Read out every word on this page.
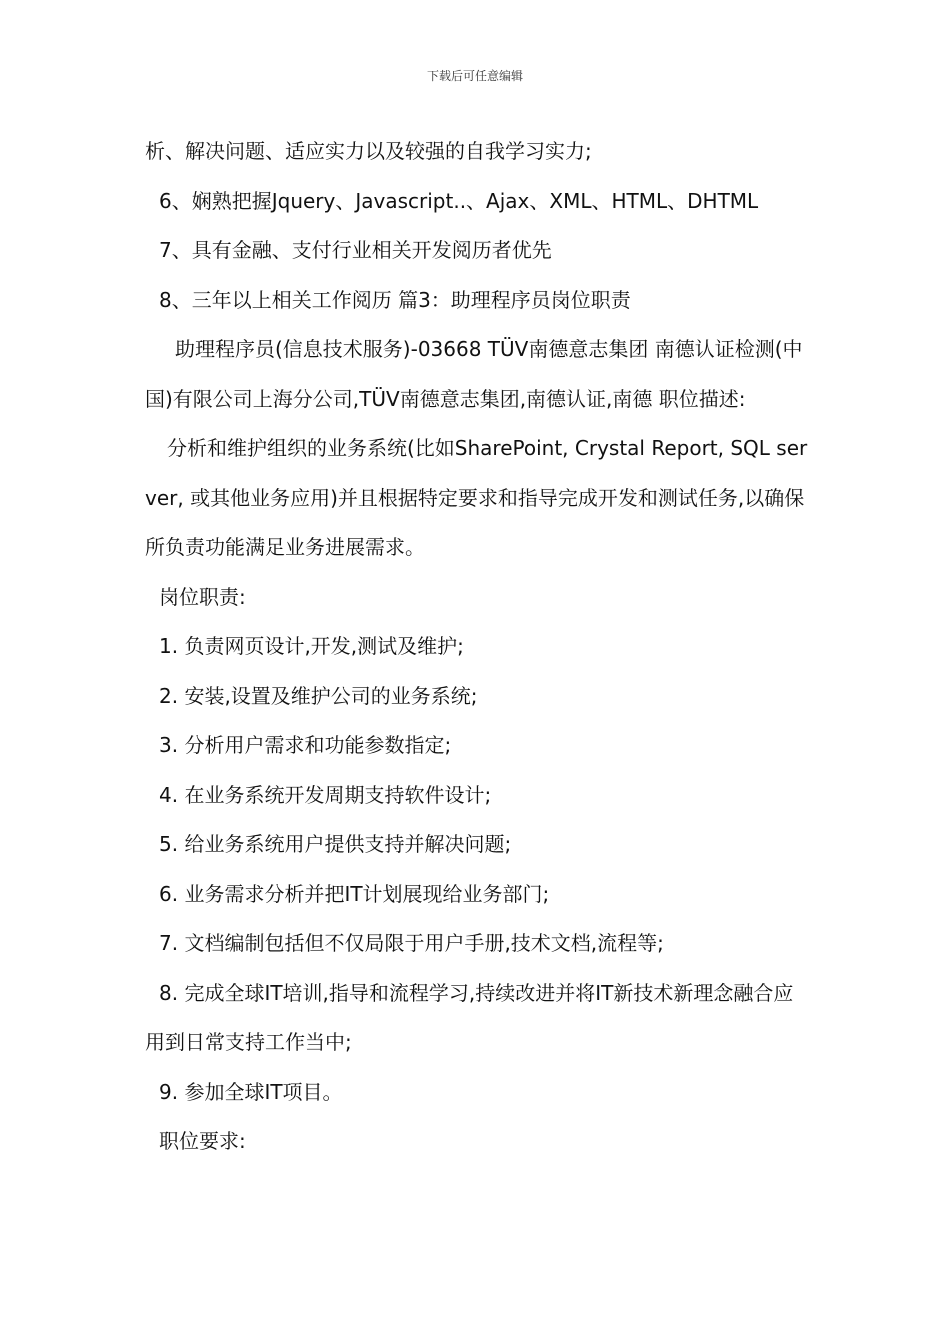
下载后可任意编辑

析、解决问题、适应实力以及较强的自我学习实力;

6、娴熟把握Jquery、Javascript..、Ajax、XML、HTML、DHTML

7、具有金融、支付行业相关开发阅历者优先

8、三年以上相关工作阅历 篇3：助理程序员岗位职责

助理程序员(信息技术服务)-03668 TÜV南德意志集团 南德认证检测(中国)有限公司上海分公司,TÜV南德意志集团,南德认证,南德 职位描述:

分析和维护组织的业务系统(比如SharePoint, Crystal Report, SQL server, 或其他业务应用)并且根据特定要求和指导完成开发和测试任务,以确保所负责功能满足业务进展需求。

岗位职责:

1. 负责网页设计,开发,测试及维护;

2. 安装,设置及维护公司的业务系统;

3. 分析用户需求和功能参数指定;

4. 在业务系统开发周期支持软件设计;

5. 给业务系统用户提供支持并解决问题;

6. 业务需求分析并把IT计划展现给业务部门;

7. 文档编制包括但不仅局限于用户手册,技术文档,流程等;

8. 完成全球IT培训,指导和流程学习,持续改进并将IT新技术新理念融合应用到日常支持工作当中;

9. 参加全球IT项目。

职位要求:
